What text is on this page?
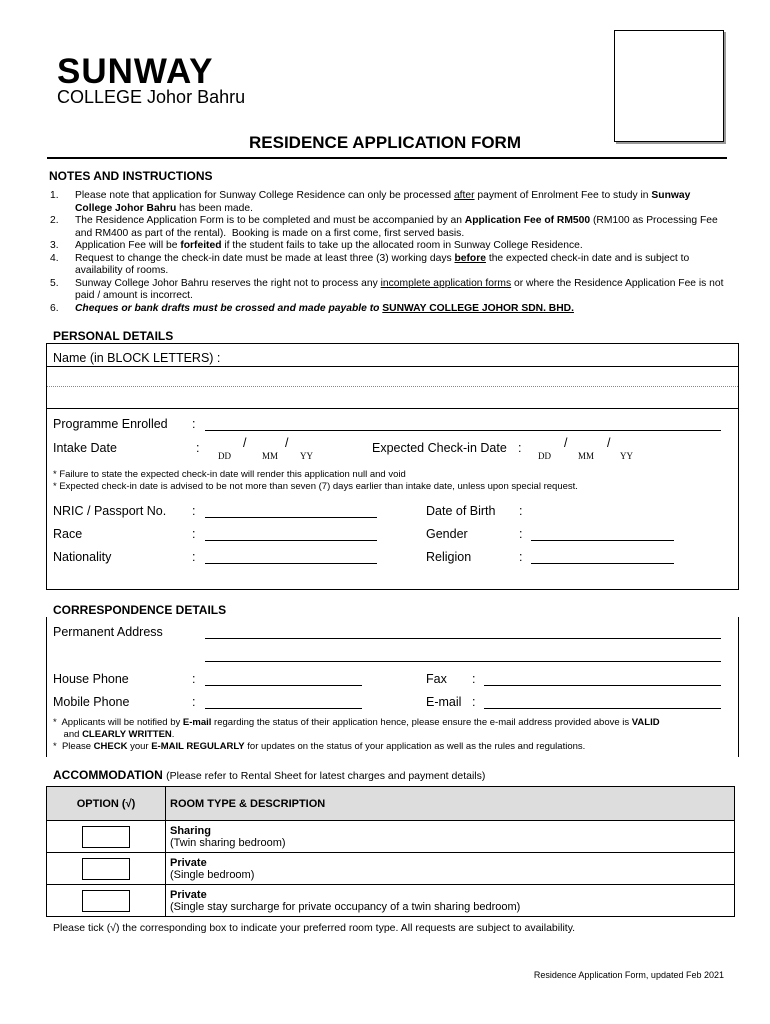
SUNWAY
COLLEGE Johor Bahru
RESIDENCE APPLICATION FORM
NOTES AND INSTRUCTIONS
1. Please note that application for Sunway College Residence can only be processed after payment of Enrolment Fee to study in Sunway College Johor Bahru has been made.
2. The Residence Application Form is to be completed and must be accompanied by an Application Fee of RM500 (RM100 as Processing Fee and RM400 as part of the rental).  Booking is made on a first come, first served basis.
3. Application Fee will be forfeited if the student fails to take up the allocated room in Sunway College Residence.
4. Request to change the check-in date must be made at least three (3) working days before the expected check-in date and is subject to availability of rooms.
5. Sunway College Johor Bahru reserves the right not to process any incomplete application forms or where the Residence Application Fee is not paid / amount is incorrect.
6. Cheques or bank drafts must be crossed and made payable to SUNWAY COLLEGE JOHOR SDN. BHD.
PERSONAL DETAILS
Name (in BLOCK LETTERS) :
Programme Enrolled :
Intake Date	:	/	/
DD	MM YY
Expected Check-in Date :	/	/
DD	MM	YY
* Failure to state the expected check-in date will render this application null and void
* Expected check-in date is advised to be not more than seven (7) days earlier than intake date, unless upon special request.
NRIC / Passport No. :	Date of Birth :
Race	:	Gender	:
Nationality	:	Religion	:
CORRESPONDENCE DETAILS
Permanent Address
House Phone	:	Fax :
Mobile Phone	:	E-mail :
*  Applicants will be notified by E-mail regarding the status of their application hence, please ensure the e-mail address provided above is VALID
and CLEARLY WRITTEN.
*  Please CHECK your E-MAIL REGULARLY for updates on the status of your application as well as the rules and regulations.
ACCOMMODATION (Please refer to Rental Sheet for latest charges and payment details)
OPTION (√)	ROOM TYPE & DESCRIPTION

	Sharing
(Twin sharing bedroom)

	Private
(Single bedroom)

	Private
(Single stay surcharge for private occupancy of a twin sharing bedroom)
Please tick (√) the corresponding box to indicate your preferred room type. All requests are subject to availability.
Residence Application Form, updated Feb 2021
